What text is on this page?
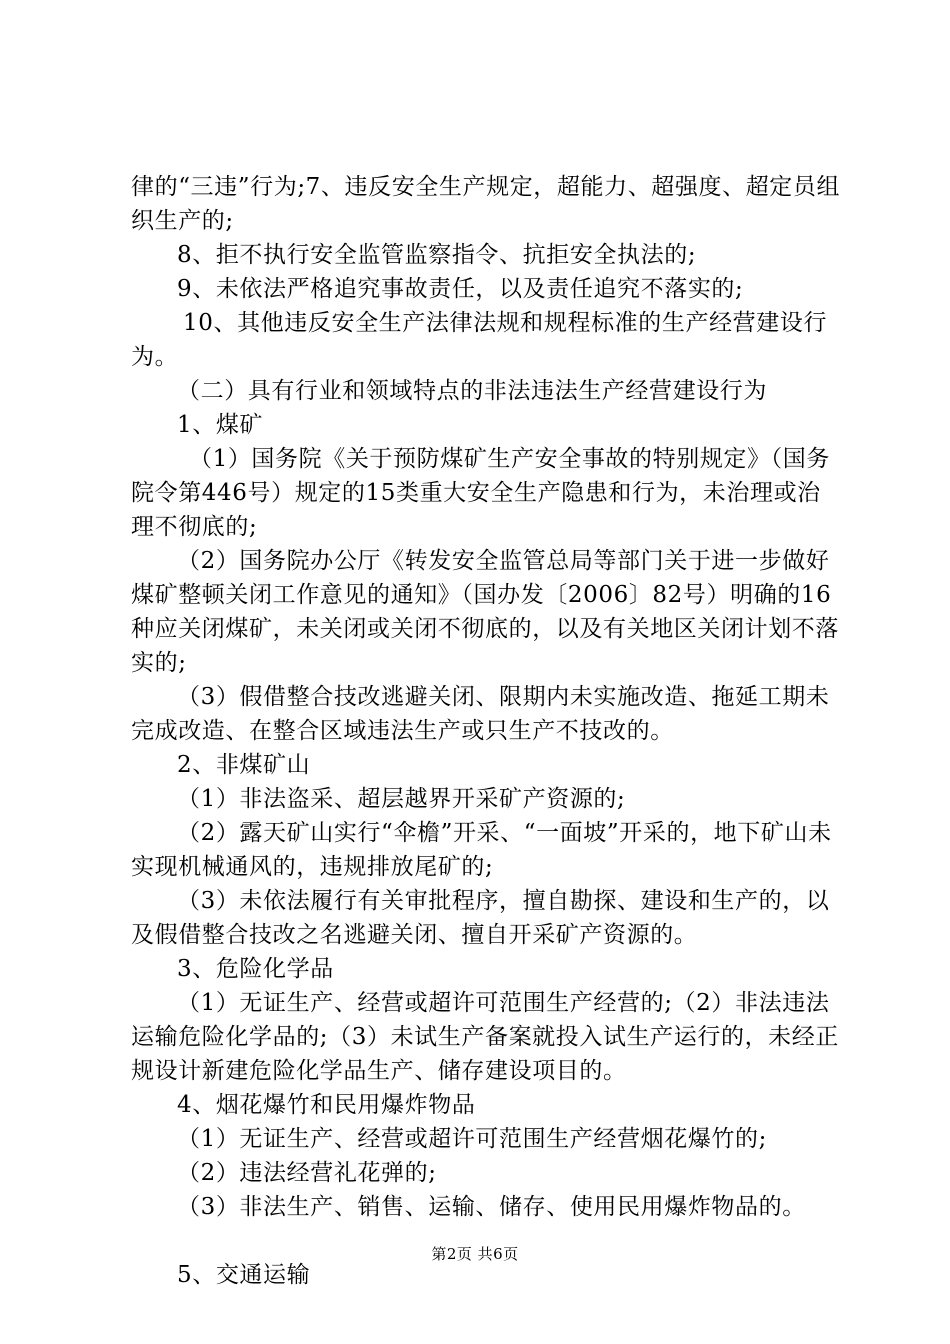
律的“三违”行为;7、违反安全生产规定，超能力、超强度、超定员组织生产的;

8、拒不执行安全监管监察指令、抗拒安全执法的;

9、未依法严格追究事故责任，以及责任追究不落实的;

10、其他违反安全生产法律法规和规程标准的生产经营建设行为。

（二）具有行业和领域特点的非法违法生产经营建设行为

1、煤矿

（1）国务院《关于预防煤矿生产安全事故的特别规定》（国务院令第446号）规定的15类重大安全生产隐患和行为，未治理或治理不彻底的;

（2）国务院办公厅《转发安全监管总局等部门关于进一步做好煤矿整顿关闭工作意见的通知》（国办发〔2006〕82号）明确的16种应关闭煤矿，未关闭或关闭不彻底的，以及有关地区关闭计划不落实的;

（3）假借整合技改逃避关闭、限期内未实施改造、拖延工期未完成改造、在整合区域违法生产或只生产不技改的。

2、非煤矿山

（1）非法盗采、超层越界开采矿产资源的;

（2）露天矿山实行“伞檐”开采、“一面坡”开采的，地下矿山未实现机械通风的，违规排放尾矿的;

（3）未依法履行有关审批程序，擅自勘探、建设和生产的，以及假借整合技改之名逃避关闭、擅自开采矿产资源的。

3、危险化学品

（1）无证生产、经营或超许可范围生产经营的;（2）非法违法运输危险化学品的;（3）未试生产备案就投入试生产运行的，未经正规设计新建危险化学品生产、储存建设项目的。

4、烟花爆竹和民用爆炸物品

（1）无证生产、经营或超许可范围生产经营烟花爆竹的;

（2）违法经营礼花弹的;

（3）非法生产、销售、运输、储存、使用民用爆炸物品的。

5、交通运输

第2页 共6页
